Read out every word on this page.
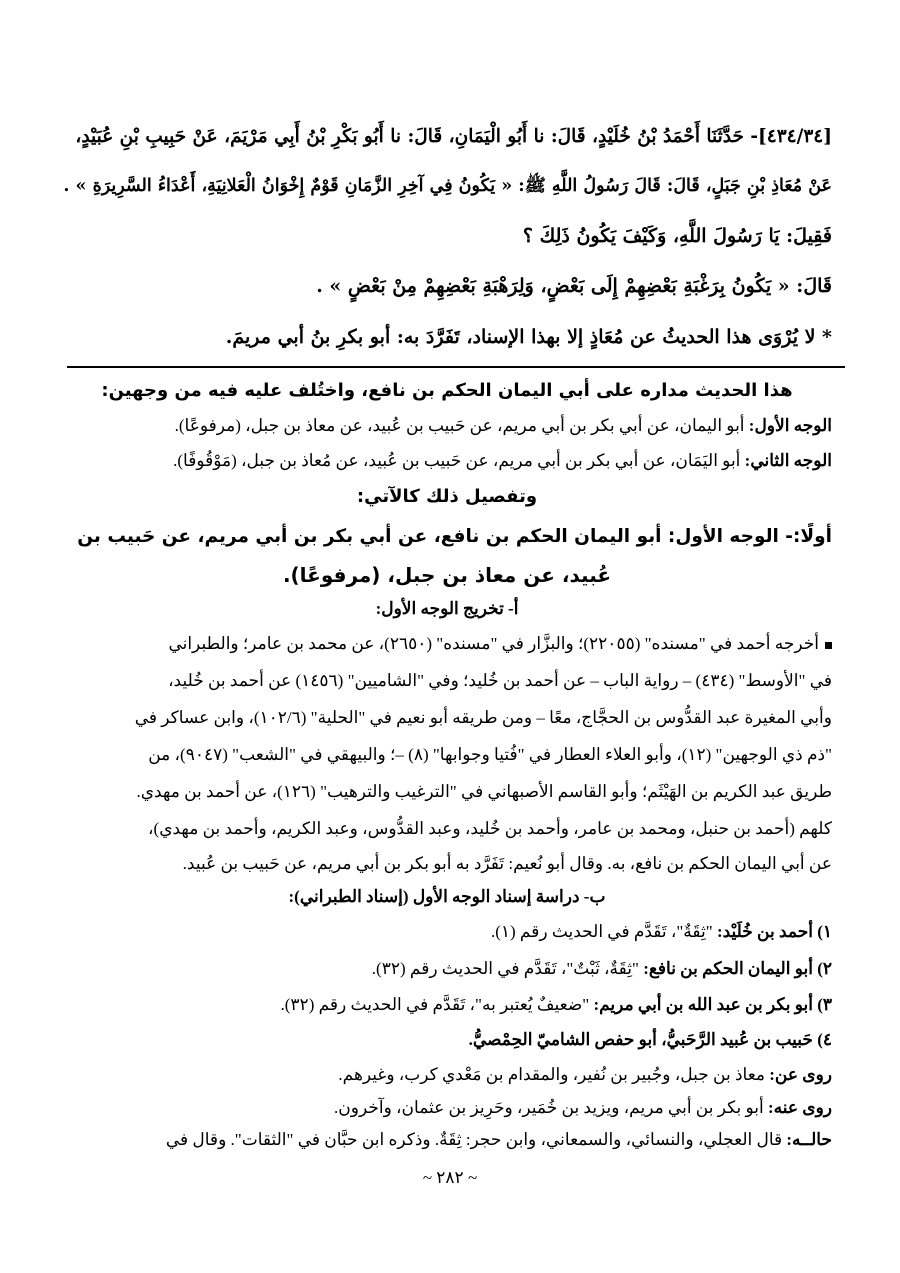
[٤٣٤/٣٤]- حَدَّثَنَا أَحْمَدُ بْنُ خُلَيْدٍ، قَالَ: نا أَبُو الْيَمَانِ، قَالَ: نا أَبُو بَكْرِ بْنُ أَبِي مَرْيَمَ، عَنْ حَبِيبِ بْنِ عُبَيْدٍ،
عَنْ مُعَاذِ بْنِ جَبَلٍ، قَالَ: قَالَ رَسُولُ اللَّهِ ﷺ: « يَكُونُ فِي آخِرِ الزَّمَانِ قَوْمٌ إِخْوَانُ الْعَلانِيَةِ، أَعْدَاءُ السَّرِيرَةِ » .
فَقِيلَ: يَا رَسُولَ اللَّهِ، وَكَيْفَ يَكُونُ ذَلِكَ ؟
قَالَ: « يَكُونُ بِرَغْبَةِ بَعْضِهِمْ إِلَى بَعْضٍ، وَلِرَهْبَةِ بَعْضِهِمْ مِنْ بَعْضٍ » .
* لا يُرْوَى هذا الحديثُ عن مُعَاذٍ إلا بهذا الإسناد، تَفَرَّدَ به: أبو بكرِ بنُ أبي مريمَ.
هذا الحديث مداره على أبي اليمان الحكم بن نافع، واختُلف عليه فيه من وجهين:
الوجه الأول: أبو اليمان، عن أبي بكر بن أبي مريم، عن حَبيب بن عُبيد، عن معاذ بن جبل، (مرفوعًا).
الوجه الثاني: أبو اليَمَان، عن أبي بكر بن أبي مريم، عن حَبيب بن عُبيد، عن مُعاذ بن جبل، (مَوْقُوفًا).
وتفصيل ذلك كالآتي:
أولًا:- الوجه الأول: أبو اليمان الحكم بن نافع، عن أبي بكر بن أبي مريم، عن حَبيب بن
عُبيد، عن معاذ بن جبل، (مرفوعًا).
أ- تخريج الوجه الأول:
أخرجه أحمد في "مسنده" (٢٢٠٥٥)؛ والبزَّار في "مسنده" (٢٦٥٠)، عن محمد بن عامر؛ والطبراني
في "الأوسط" (٤٣٤) – رواية الباب – عن أحمد بن خُليد؛ وفي "الشاميين" (١٤٥٦) عن أحمد بن خُليد،
وأبي المغيرة عبد القدُّوس بن الحجَّاج، معًا – ومن طريقه أبو نعيم في "الحلية" (١٠٢/٦)، وابن عساكر في
"ذم ذي الوجهين" (١٢)، وأبو العلاء العطار في "فُتيا وجوابها" (٨) –؛ والبيهقي في "الشعب" (٩٠٤٧)، من
طريق عبد الكريم بن الهَيْثَم؛ وأبو القاسم الأصبهاني في "الترغيب والترهيب" (١٢٦)، عن أحمد بن مهدي.
كلهم (أحمد بن حنبل، ومحمد بن عامر، وأحمد بن خُليد، وعبد القدُّوس، وعبد الكريم، وأحمد بن مهدي)،
عن أبي اليمان الحكم بن نافع، به. وقال أبو نُعيم: تَفَرَّد به أبو بكر بن أبي مريم، عن حَبيب بن عُبيد.
ب- دراسة إسناد الوجه الأول (إسناد الطبراني):
١) أحمد بن خُلَيْد: "ثِقَةٌ"، تَقَدَّم في الحديث رقم (١).
٢) أبو اليمان الحكم بن نافع: "ثِقَةٌ، ثَبْتٌ"، تَقَدَّم في الحديث رقم (٣٢).
٣) أبو بكر بن عبد الله بن أبي مريم: "ضعيفٌ يُعتبر به"، تَقَدَّم في الحديث رقم (٣٢).
٤) حَبيب بن عُبيد الرَّحَبيُّ، أبو حفص الشاميّ الحِمْصيُّ.
روى عن: معاذ بن جبل، وجُبير بن نُفير، والمقدام بن مَعْدي كرب، وغيرهم.
روى عنه: أبو بكر بن أبي مريم، ويزيد بن خُمَير، وحَرِيز بن عثمان، وآخرون.
حالــه: قال العجلي، والنسائي، والسمعاني، وابن حجر: ثِقَةٌ. وذكره ابن حبَّان في "الثقات". وقال في
~ ٢٨٢ ~
